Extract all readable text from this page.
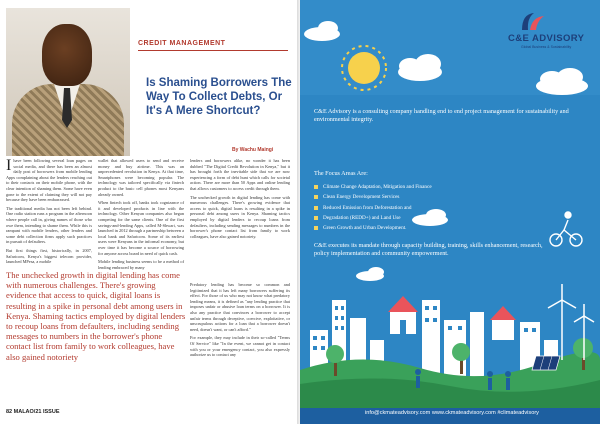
CREDIT MANAGEMENT
Is Shaming Borrowers The Way To Collect Debts, Or It's A Mere Shortcut?
By Wachu Maingi

I have been following several loan pages on social media, and there has been an almost daily post of borrowers from mobile lending Apps complaining about the lenders reaching out to their contacts on their mobile phone, with the clear intention of shaming them. Some have even gone to the extent of claiming they will not pay because they have been embarrassed.

The traditional media has not been left behind. One radio station runs a program in the afternoon where people call in, giving names of those who owe them, intending to shame them. While this is rampant with mobile lenders, other lenders and some debt collection firms apply such practices in pursuit of defaulters.

But first things first, historically, in 2007, Safaricom, Kenya's biggest telecom provider, launched MPesa, a mobile

wallet that allowed users to send and receive money and buy airtime. This was an unprecedented revolution in Kenya. At that time, Smartphones were becoming popular. The technology was tailored specifically via fintech product to the basic cell phones most Kenyans already owned.

When fintech took off, banks took cognizance of it and developed products in line with the technology. Other Kenyan companies also began competing for the same clients. One of the first savings-and-lending Apps, called M-Shwari, was launched in 2012 through a partnership between a local bank and Safaricom. Some of its earliest users were Kenyans in the informal economy, but over time it has become a source of borrowing for anyone across board in need of quick cash.

Mobile lending business seems to be a method of lending embraced by many

lenders and borrowers alike, no wonder it has been dubbed "The Digital Credit Revolution in Kenya," but it has brought forth the inevitable side that we are now experiencing a form of debt hunt which calls for societal action. There are more than 50 Apps and online lending that allows customers to access credit through them.

The unchecked growth in digital lending has come with numerous challenges. There's growing evidence that access to quick, digital loans is resulting in a spike in personal debt among users in Kenya. Shaming tactics employed by digital lenders to recoup loans from defaulters, including sending messages to numbers in the borrower's phone contact list from family to work colleagues, have also gained notoriety.

Predatory lending has become so common and legitimized that it has left many borrowers suffering its effect. For those of us who may not know what predatory lending means, it is defined as "any lending practice that imposes unfair or abusive loan terms on a borrower. It is also any practice that convinces a borrower to accept unfair terms through deceptive, coercive, exploitative, or unscrupulous actions for a loan that a borrower doesn't need, doesn't want, or can't afford."

For example, they may include in their so-called "Terms Of Service" like "In the event, we cannot get in contact with you or your emergency contact, you also expressly authorize us to contact any

The unchecked growth in digital lending has come with numerous challenges. There's growing evidence that access to quick, digital loans is resulting in a spike in personal debt among users in Kenya. Shaming tactics employed by digital lenders to recoup loans from defaulters, including sending messages to numbers in the borrower's phone contact list from family to work colleagues, have also gained notoriety
82 MALAO/21 ISSUE
C&E ADVISORY
Global Business & Sustainability
C&E Advisory is a consulting company handling end to end project management for sustainability and environmental integrity.
The Focus Areas Are:
Climate Change Adaptation, Mitigation and Finance
Clean Energy Development Services
Reduced Emission from Deforestation and
Degradation (REDD+) and Land Use
Green Growth and Urban Development.
C&E executes its mandate through capacity building, training, skills enhancement, research, policy implementation and community empowerment.
info@ckmateadvisory.com www.ckmateadvisory.com #climateadvisory
